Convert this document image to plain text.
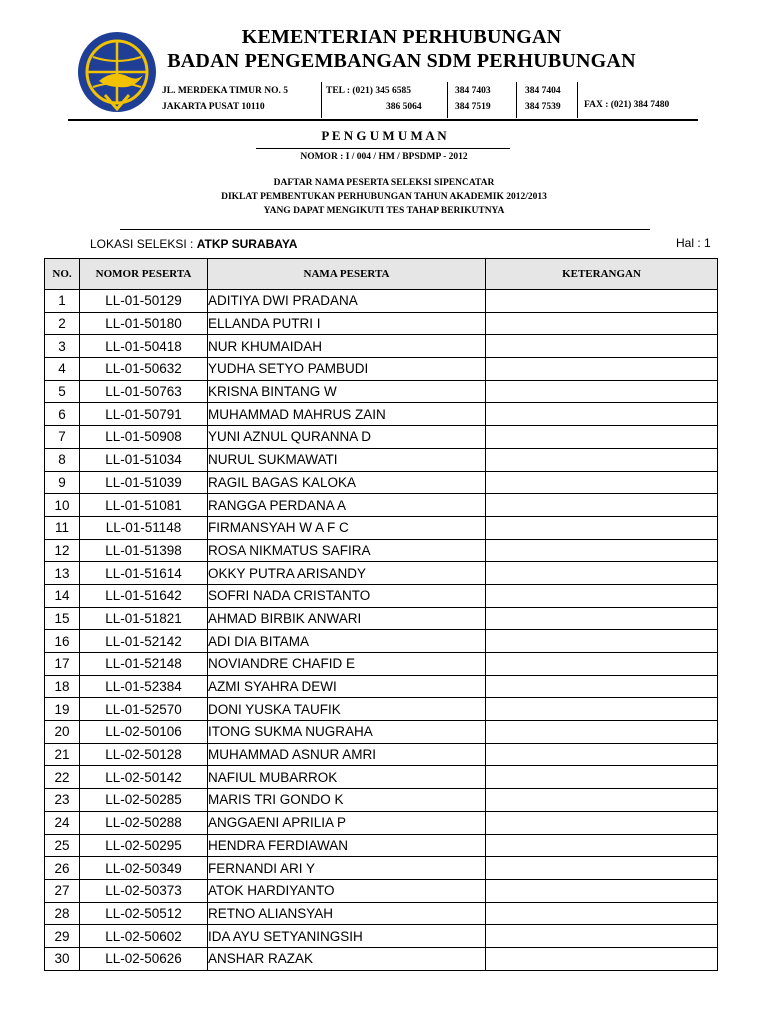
KEMENTERIAN PERHUBUNGAN
BADAN PENGEMBANGAN SDM PERHUBUNGAN
JL. MERDEKA TIMUR NO. 5
JAKARTA PUSAT 10110
TEL : (021) 345 6585
386 5064
384 7403
384 7519
384 7404
384 7539 FAX : (021) 384 7480
P E N G U M U M A N
NOMOR : I / 004 / HM / BPSDMP - 2012
DAFTAR NAMA PESERTA SELEKSI SIPENCATAR
DIKLAT PEMBENTUKAN PERHUBUNGAN TAHUN AKADEMIK 2012/2013
YANG DAPAT MENGIKUTI TES TAHAP BERIKUTNYA
LOKASI SELEKSI : ATKP SURABAYA	Hal : 1
NO.	NOMOR PESERTA	NAMA PESERTA	KETERANGAN
1	LL-01-50129	ADITIYA DWI PRADANA	
2	LL-01-50180	ELLANDA PUTRI I	
3	LL-01-50418	NUR KHUMAIDAH	
4	LL-01-50632	YUDHA SETYO PAMBUDI	
5	LL-01-50763	KRISNA BINTANG W	
6	LL-01-50791	MUHAMMAD MAHRUS ZAIN	
7	LL-01-50908	YUNI AZNUL QURANNA D	
8	LL-01-51034	NURUL SUKMAWATI	
9	LL-01-51039	RAGIL BAGAS KALOKA	
10	LL-01-51081	RANGGA PERDANA A	
11	LL-01-51148	FIRMANSYAH W A F C	
12	LL-01-51398	ROSA NIKMATUS SAFIRA	
13	LL-01-51614	OKKY PUTRA ARISANDY	
14	LL-01-51642	SOFRI NADA CRISTANTO	
15	LL-01-51821	AHMAD BIRBIK ANWARI	
16	LL-01-52142	ADI DIA BITAMA	
17	LL-01-52148	NOVIANDRE CHAFID E	
18	LL-01-52384	AZMI SYAHRA DEWI	
19	LL-01-52570	DONI YUSKA TAUFIK	
20	LL-02-50106	ITONG SUKMA NUGRAHA	
21	LL-02-50128	MUHAMMAD ASNUR AMRI	
22	LL-02-50142	NAFIUL MUBARROK	
23	LL-02-50285	MARIS TRI GONDO K	
24	LL-02-50288	ANGGAENI APRILIA P	
25	LL-02-50295	HENDRA FERDIAWAN	
26	LL-02-50349	FERNANDI ARI Y	
27	LL-02-50373	ATOK HARDIYANTO	
28	LL-02-50512	RETNO ALIANSYAH	
29	LL-02-50602	IDA AYU SETYANINGSIH	
30	LL-02-50626	ANSHAR RAZAK	
